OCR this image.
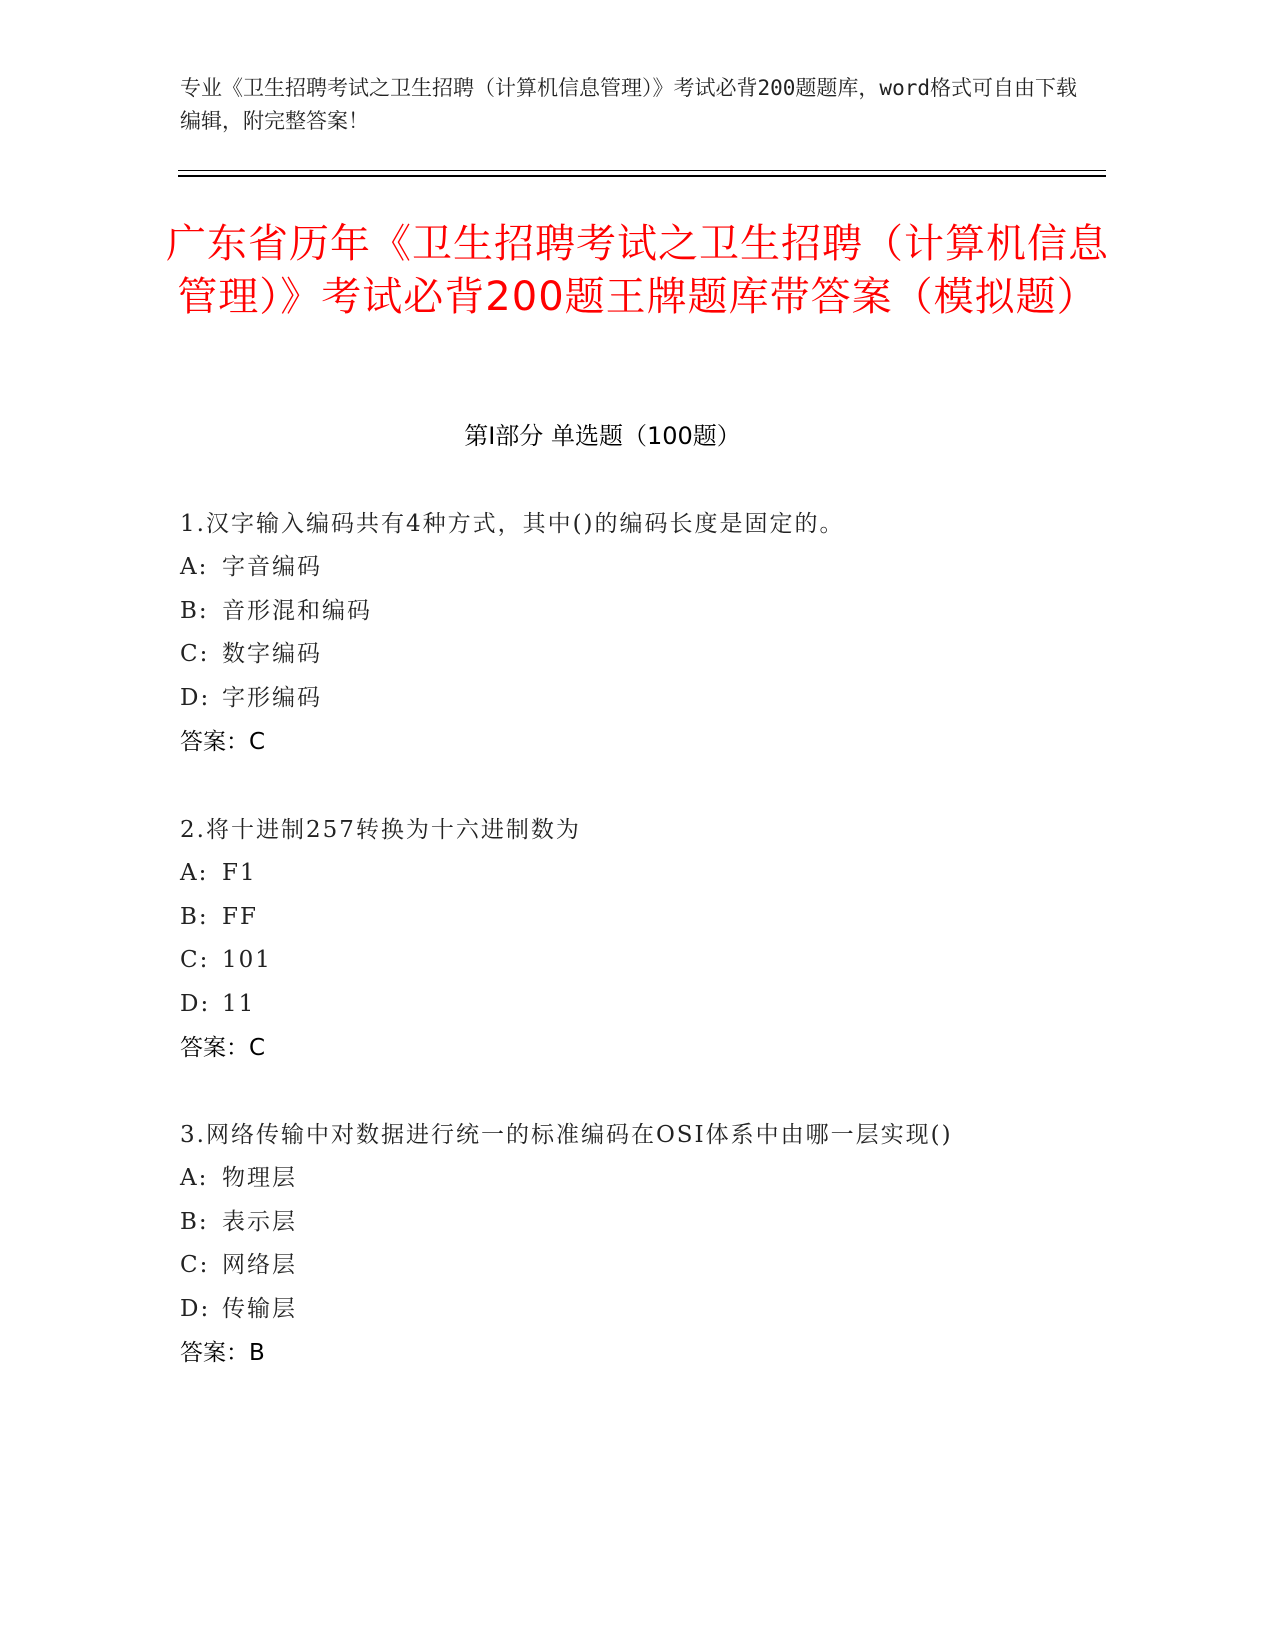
专业《卫生招聘考试之卫生招聘（计算机信息管理）》考试必背200题题库，word格式可自由下载编辑，附完整答案！
广东省历年《卫生招聘考试之卫生招聘（计算机信息管理）》考试必背200题王牌题库带答案（模拟题）
第Ⅰ部分 单选题（100题）
1.汉字输入编码共有4种方式，其中()的编码长度是固定的。
A: 字音编码
B: 音形混和编码
C: 数字编码
D: 字形编码
答案：C
2.将十进制257转换为十六进制数为
A: F1
B: FF
C: 101
D: 11
答案：C
3.网络传输中对数据进行统一的标准编码在OSI体系中由哪一层实现()
A: 物理层
B: 表示层
C: 网络层
D: 传输层
答案：B
